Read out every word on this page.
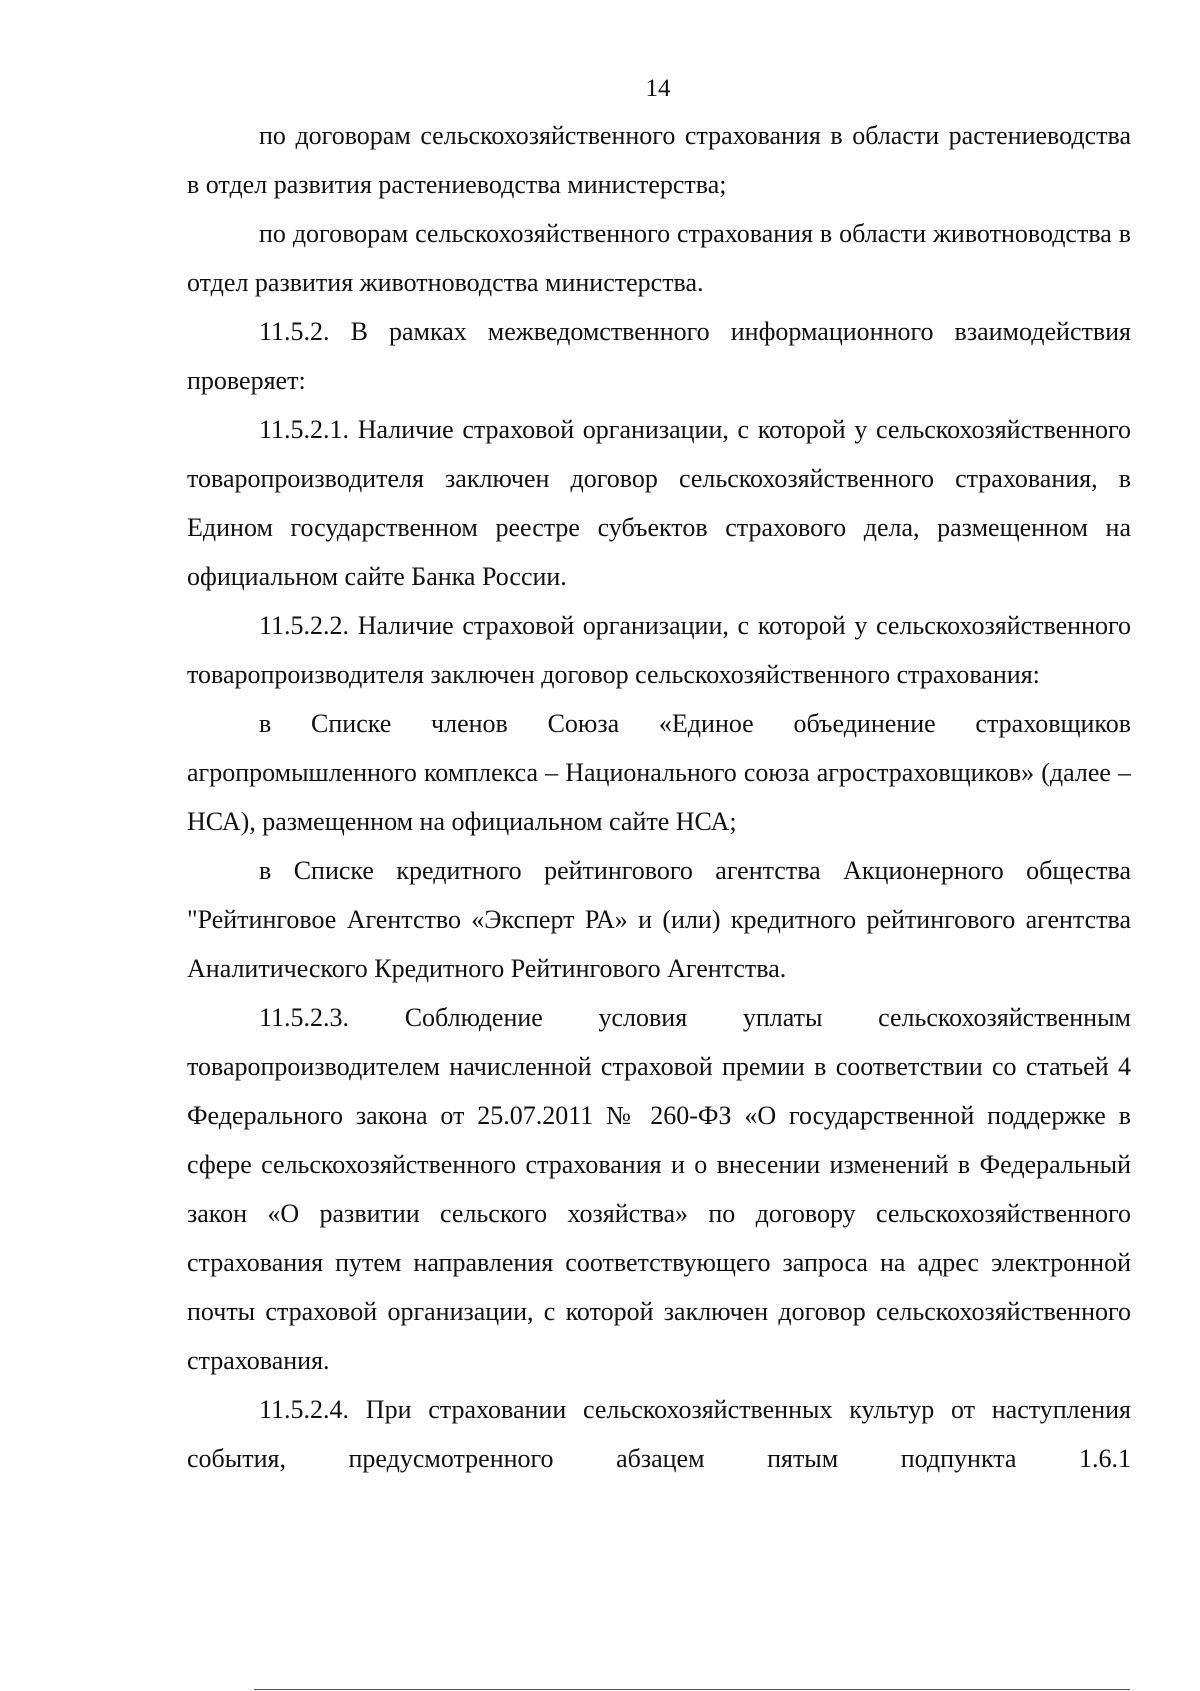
14

по договорам сельскохозяйственного страхования в области растениеводства в отдел развития растениеводства министерства;

по договорам сельскохозяйственного страхования в области животноводства в отдел развития животноводства министерства.

11.5.2. В рамках межведомственного информационного взаимодействия проверяет:

11.5.2.1. Наличие страховой организации, с которой у сельскохозяйственного товаропроизводителя заключен договор сельскохозяйственного страхования, в Едином государственном реестре субъектов страхового дела, размещенном на официальном сайте Банка России.

11.5.2.2. Наличие страховой организации, с которой у сельскохозяйственного товаропроизводителя заключен договор сельскохозяйственного страхования:

в Списке членов Союза «Единое объединение страховщиков агропромышленного комплекса – Национального союза агростраховщиков» (далее – НСА), размещенном на официальном сайте НСА;

в Списке кредитного рейтингового агентства Акционерного общества "Рейтинговое Агентство «Эксперт РА» и (или) кредитного рейтингового агентства Аналитического Кредитного Рейтингового Агентства.

11.5.2.3. Соблюдение условия уплаты сельскохозяйственным товаропроизводителем начисленной страховой премии в соответствии со статьей 4 Федерального закона от 25.07.2011 № 260-ФЗ «О государственной поддержке в сфере сельскохозяйственного страхования и о внесении изменений в Федеральный закон «О развитии сельского хозяйства» по договору сельскохозяйственного страхования путем направления соответствующего запроса на адрес электронной почты страховой организации, с которой заключен договор сельскохозяйственного страхования.

11.5.2.4. При страховании сельскохозяйственных культур от наступления события, предусмотренного абзацем пятым подпункта 1.6.1
